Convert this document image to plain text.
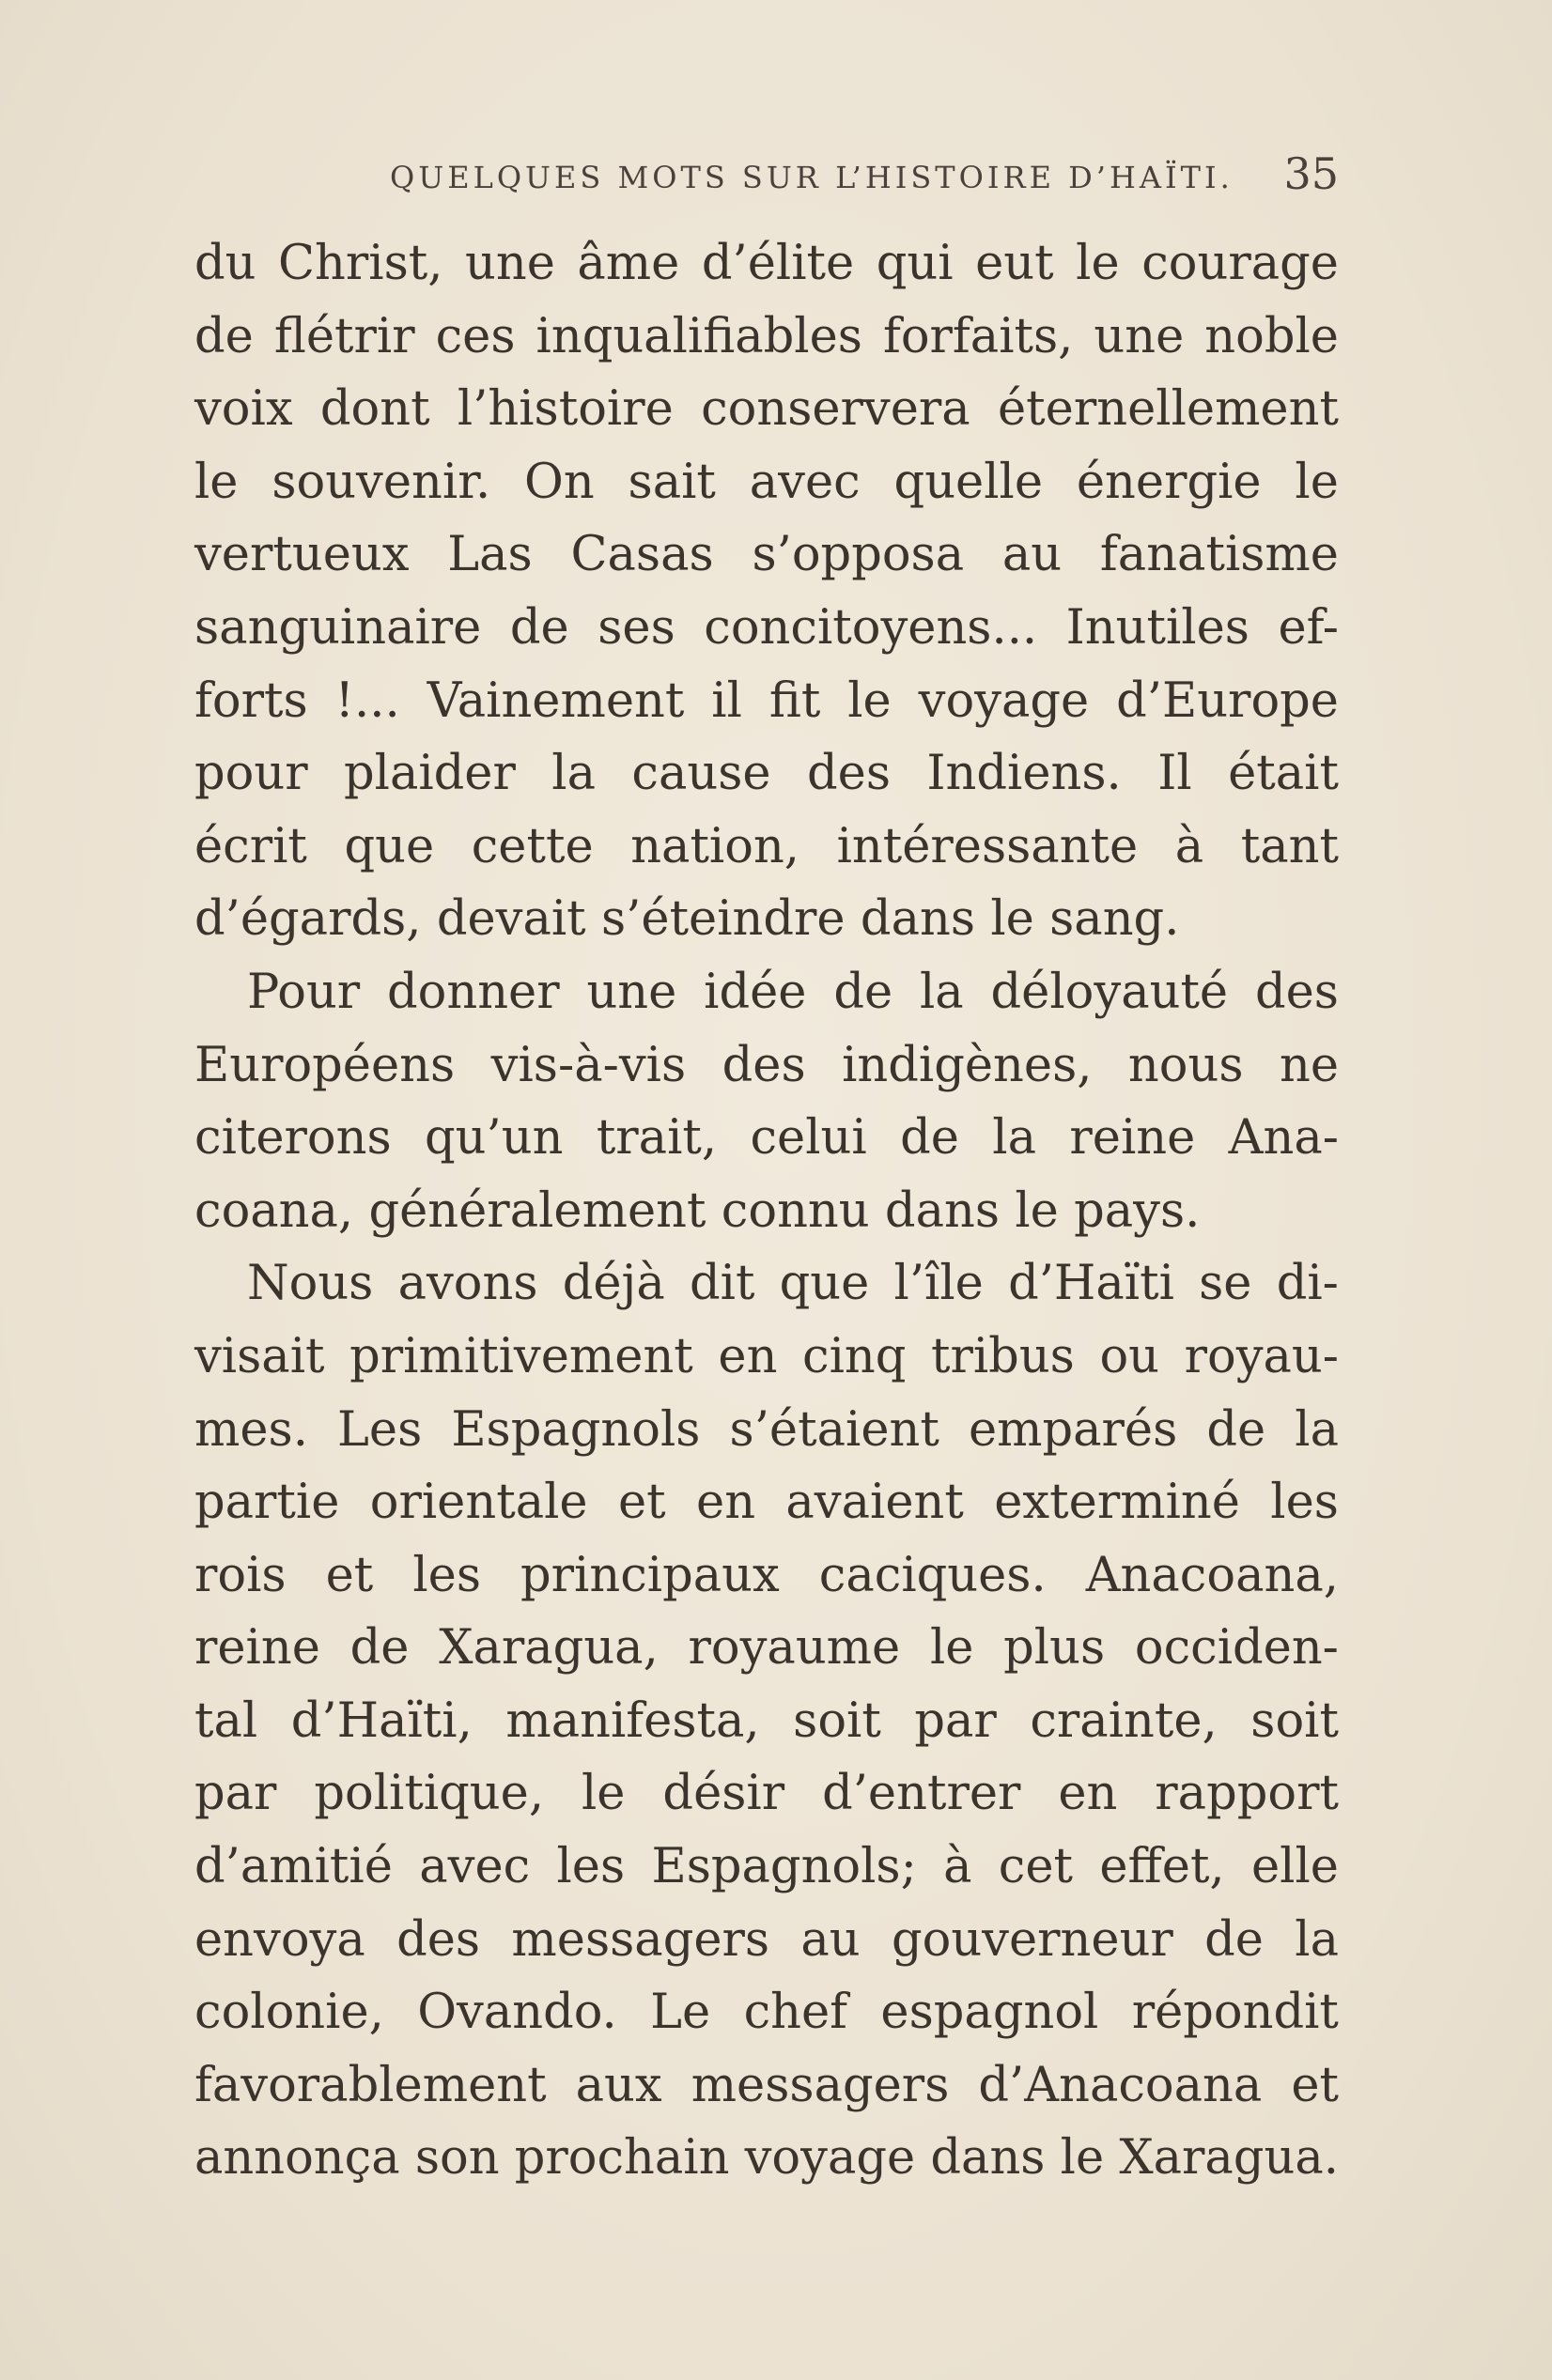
QUELQUES MOTS SUR L’HISTOIRE D’HAÏTI. 35
du Christ, une âme d’élite qui eut le courage
de flétrir ces inqualifiables forfaits, une noble
voix dont l’histoire conservera éternellement
le souvenir. On sait avec quelle énergie le
vertueux Las Casas s’opposa au fanatisme
sanguinaire de ses concitoyens... Inutiles ef-
forts !... Vainement il fit le voyage d’Europe
pour plaider la cause des Indiens. Il était
écrit que cette nation, intéressante à tant
d’égards, devait s’éteindre dans le sang.
Pour donner une idée de la déloyauté des
Européens vis-à-vis des indigènes, nous ne
citerons qu’un trait, celui de la reine Ana-
coana, généralement connu dans le pays.
Nous avons déjà dit que l’île d’Haïti se di-
visait primitivement en cinq tribus ou royau-
mes. Les Espagnols s’étaient emparés de la
partie orientale et en avaient exterminé les
rois et les principaux caciques. Anacoana,
reine de Xaragua, royaume le plus occiden-
tal d’Haïti, manifesta, soit par crainte, soit
par politique, le désir d’entrer en rapport
d’amitié avec les Espagnols; à cet effet, elle
envoya des messagers au gouverneur de la
colonie, Ovando. Le chef espagnol répondit
favorablement aux messagers d’Anacoana et
annonça son prochain voyage dans le Xaragua.
